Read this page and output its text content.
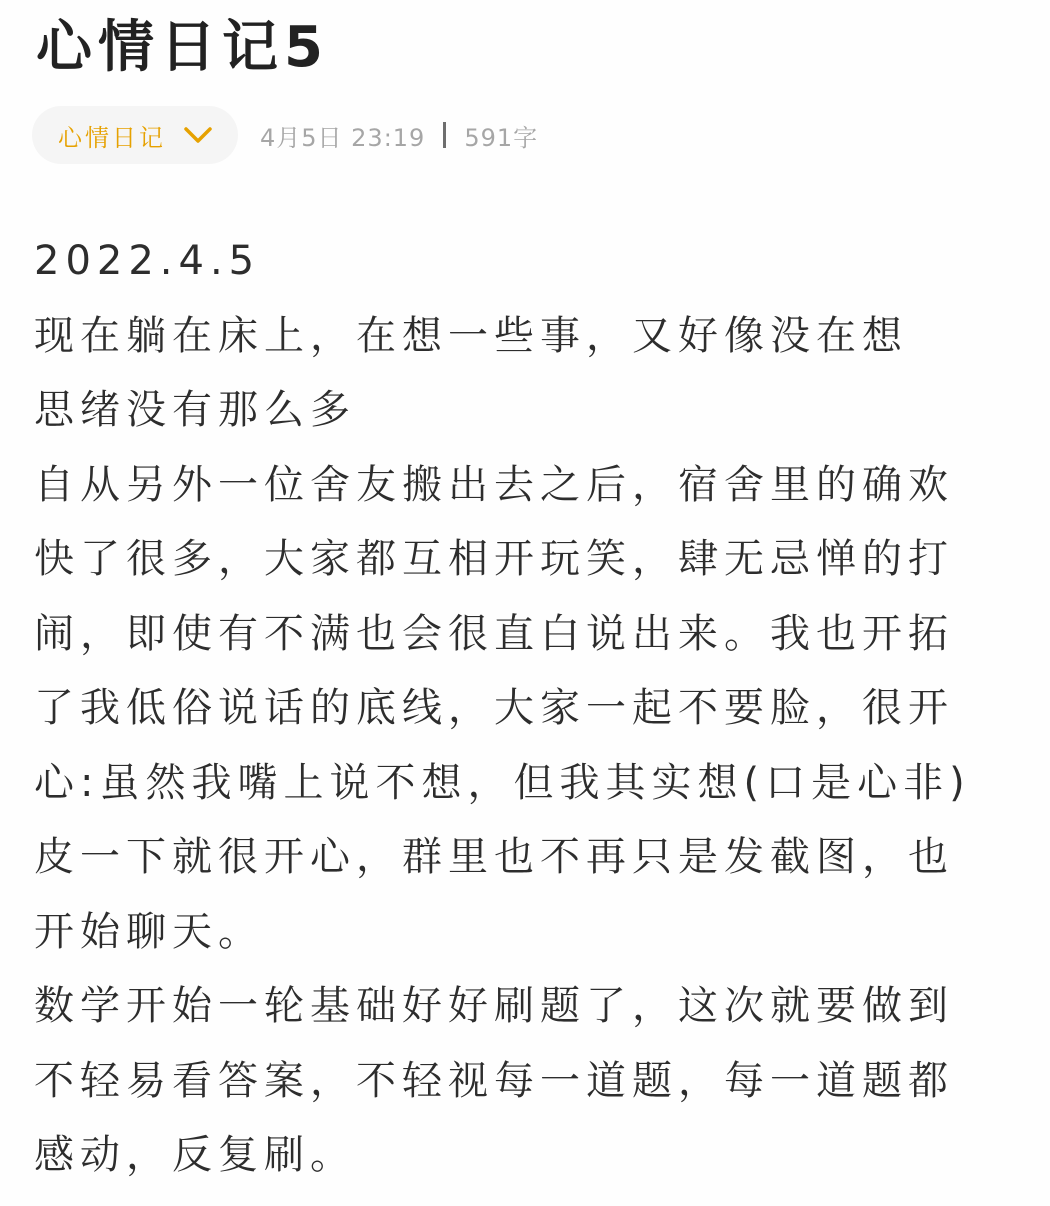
心情日记5
心情日记	4月5日 23:19 591字
2022.4.5
现在躺在床上，在想一些事，又好像没在想
思绪没有那么多
自从另外一位舍友搬出去之后，宿舍里的确欢
快了很多，大家都互相开玩笑，肆无忌惮的打
闹，即使有不满也会很直白说出来。我也开拓
了我低俗说话的底线，大家一起不要脸，很开
心:虽然我嘴上说不想，但我其实想(口是心非)
皮一下就很开心，群里也不再只是发截图，也
开始聊天。
数学开始一轮基础好好刷题了，这次就要做到
不轻易看答案，不轻视每一道题，每一道题都
感动，反复刷。
